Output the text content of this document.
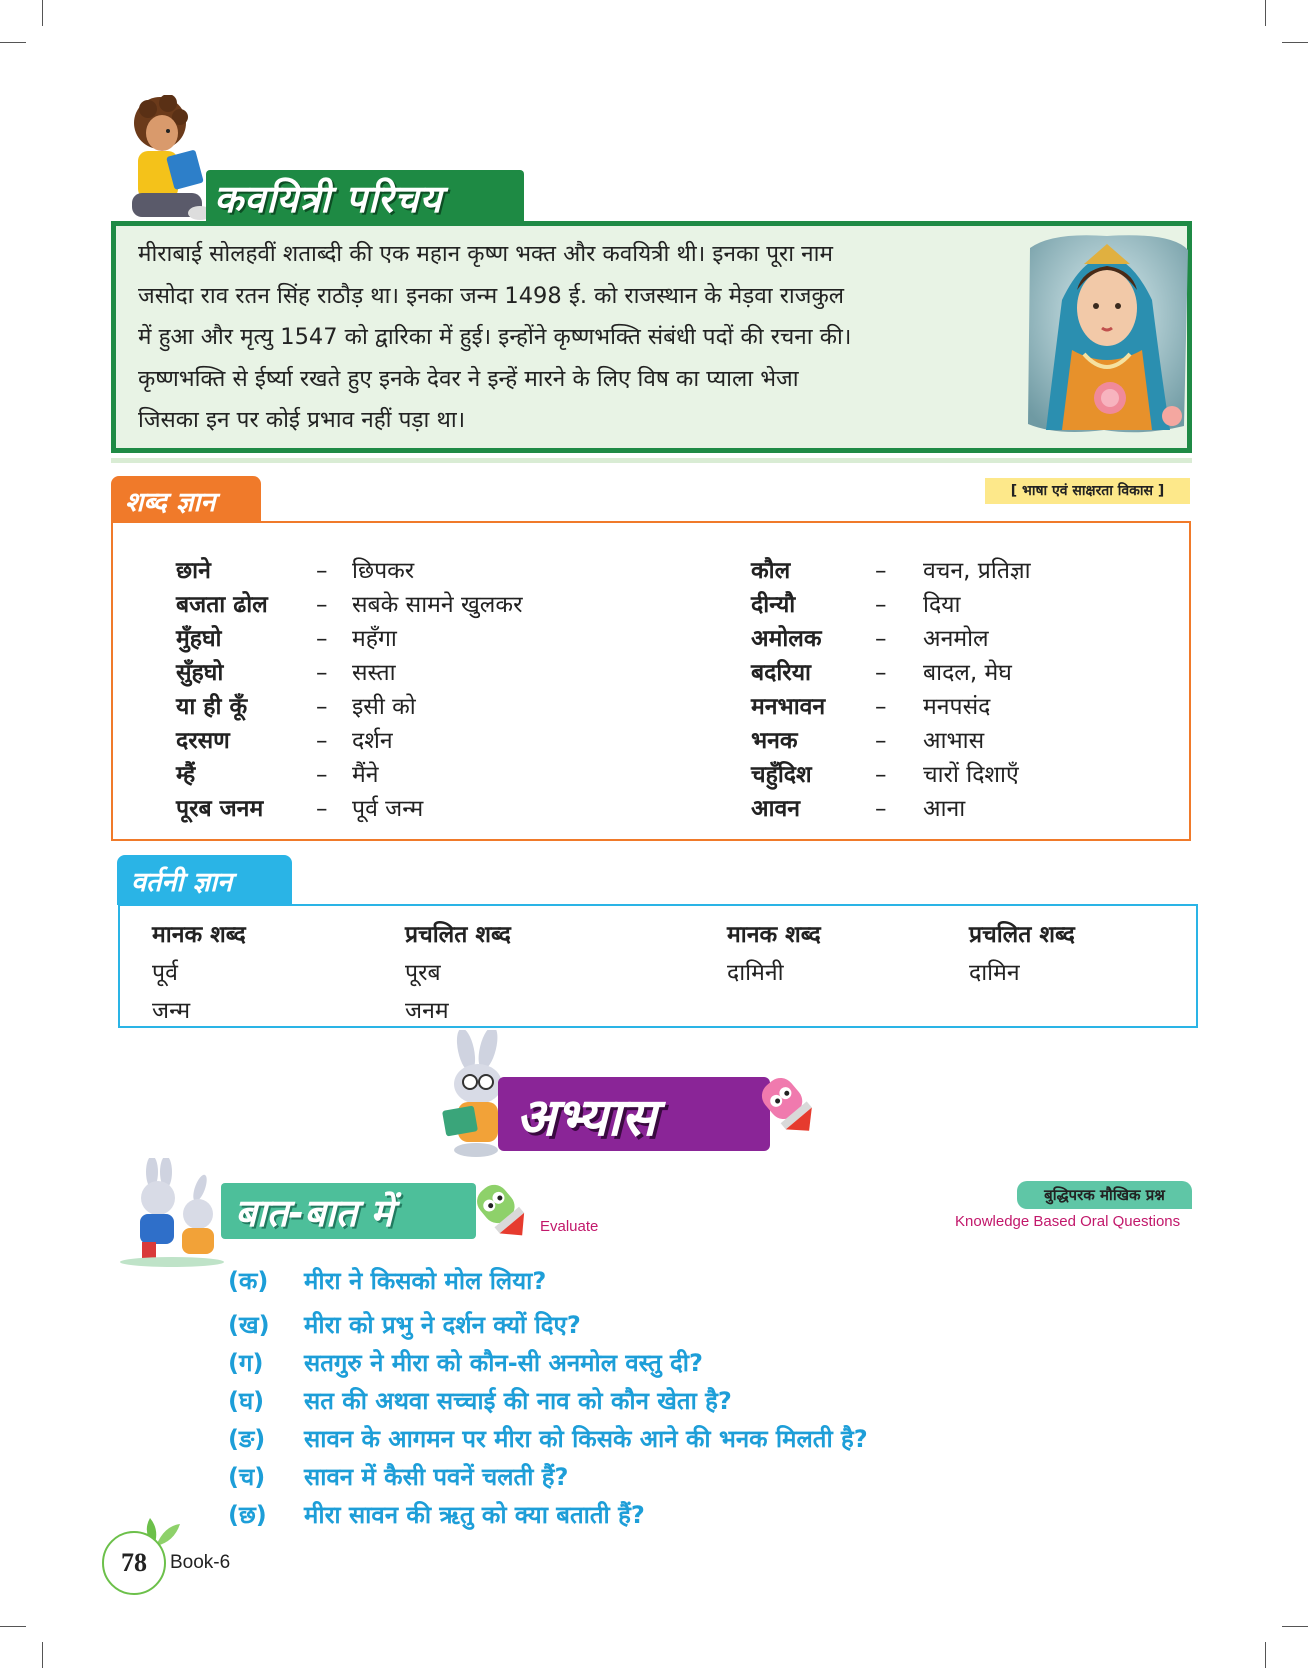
कवयित्री परिचय
मीराबाई सोलहवीं शताब्दी की एक महान कृष्ण भक्त और कवयित्री थी। इनका पूरा नाम
जसोदा राव रतन सिंह राठौड़ था। इनका जन्म 1498 ई. को राजस्थान के मेड़वा राजकुल
में हुआ और मृत्यु 1547 को द्वारिका में हुई। इन्होंने कृष्णभक्ति संबंधी पदों की रचना की।
कृष्णभक्ति से ईर्ष्या रखते हुए इनके देवर ने इन्हें मारने के लिए विष का प्याला भेजा
जिसका इन पर कोई प्रभाव नहीं पड़ा था।
शब्द ज्ञान	[ भाषा एवं साक्षरता विकास ]
छाने	– छिपकर
बजता ढोल – सबके सामने खुलकर
मुँहघो	– महँगा
सुँहघो	– सस्ता
या ही कूँ	– इसी को
दरसण	– दर्शन
म्हैं	– मैंने
पूरब जनम – पूर्व जन्म
कौल	– वचन, प्रतिज्ञा
दीन्यौ	– दिया
अमोलक – अनमोल
बदरिया	– बादल, मेघ
मनभावन – मनपसंद
भनक	– आभास
चहुँदिश	– चारों दिशाएँ
आवन	– आना
वर्तनी ज्ञान
मानक शब्द	प्रचलित शब्द	मानक शब्द	प्रचलित शब्द
पूर्व	पूरब	दामिनी	दामिन
जन्म	जनम
अभ्यास
बात-बात में	Evaluate
बुद्धिपरक मौखिक प्रश्न
Knowledge Based Oral Questions
(क) मीरा ने किसको मोल लिया?
(ख) मीरा को प्रभु ने दर्शन क्यों दिए?
(ग) सतगुरु ने मीरा को कौन-सी अनमोल वस्तु दी?
(घ) सत की अथवा सच्चाई की नाव को कौन खेता है?
(ङ) सावन के आगमन पर मीरा को किसके आने की भनक मिलती है?
(च) सावन में कैसी पवनें चलती हैं?
(छ) मीरा सावन की ऋतु को क्या बताती हैं?
78	Book-6
